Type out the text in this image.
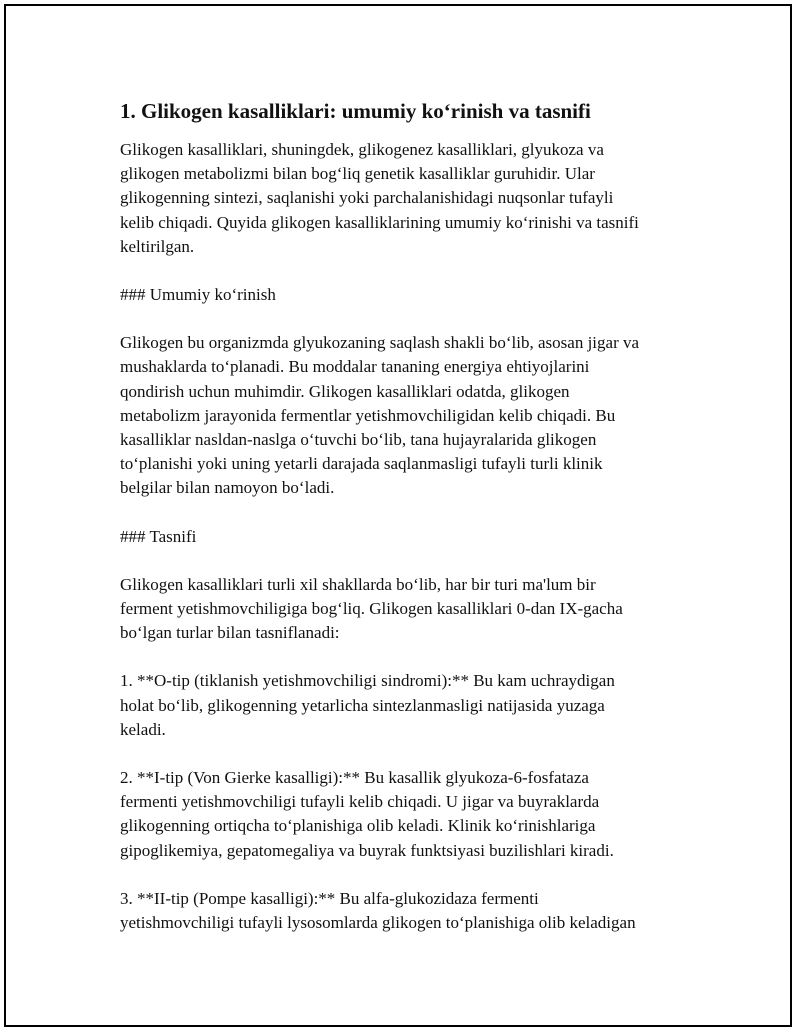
1. Glikogen kasalliklari: umumiy ko‘rinish va tasnifi

Glikogen kasalliklari, shuningdek, glikogenez kasalliklari, glyukoza va
glikogen metabolizmi bilan bog‘liq genetik kasalliklar guruhidir. Ular
glikogenning sintezi, saqlanishi yoki parchalanishidagi nuqsonlar tufayli
kelib chiqadi. Quyida glikogen kasalliklarining umumiy ko‘rinishi va tasnifi
keltirilgan.

### Umumiy ko‘rinish

Glikogen bu organizmda glyukozaning saqlash shakli bo‘lib, asosan jigar va
mushaklarda to‘planadi. Bu moddalar tananing energiya ehtiyojlarini
qondirish uchun muhimdir. Glikogen kasalliklari odatda, glikogen
metabolizm jarayonida fermentlar yetishmovchiligidan kelib chiqadi. Bu
kasalliklar nasldan-naslga o‘tuvchi bo‘lib, tana hujayralarida glikogen
to‘planishi yoki uning yetarli darajada saqlanmasligi tufayli turli klinik
belgilar bilan namoyon bo‘ladi.

### Tasnifi

Glikogen kasalliklari turli xil shakllarda bo‘lib, har bir turi ma'lum bir
ferment yetishmovchiligiga bog‘liq. Glikogen kasalliklari 0-dan IX-gacha
bo‘lgan turlar bilan tasniflanadi:

1. **O-tip (tiklanish yetishmovchiligi sindromi):** Bu kam uchraydigan
holat bo‘lib, glikogenning yetarlicha sintezlanmasligi natijasida yuzaga
keladi.

2. **I-tip (Von Gierke kasalligi):** Bu kasallik glyukoza-6-fosfataza
fermenti yetishmovchiligi tufayli kelib chiqadi. U jigar va buyraklarda
glikogenning ortiqcha to‘planishiga olib keladi. Klinik ko‘rinishlariga
gipoglikemiya, gepatomegaliya va buyrak funktsiyasi buzilishlari kiradi.

3. **II-tip (Pompe kasalligi):** Bu alfa-glukozidaza fermenti
yetishmovchiligi tufayli lysosomlarda glikogen to‘planishiga olib keladigan
